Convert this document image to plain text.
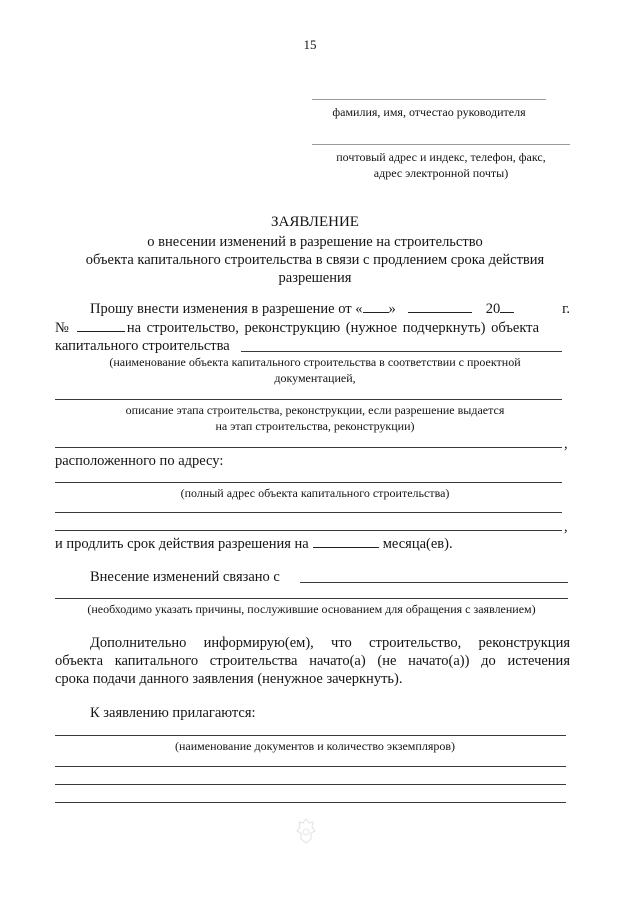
15
фамилия, имя, отчестао руководителя
почтовый адрес и индекс, телефон, факс,
адрес электронной почты)
ЗАЯВЛЕНИЕ
о внесении изменений в разрешение на строительство
объекта капитального строительства в связи с продлением срока действия
разрешения
Прошу внести изменения в разрешение от « »	20	г.
№	на строительство, реконструкцию (нужное подчеркнуть) объекта
капитального строительства
(наименование объекта капитального строительства в соответствии с проектной
документацией,
описание этапа строительства, реконструкции, если разрешение выдается
на этап строительства, реконструкции)
,
расположенного по адресу:
(полный адрес объекта капитального строительства)
,
и продлить срок действия разрешения на	месяца(ев).
Внесение изменений связано с
(необходимо указать причины, послужившие основанием для обращения с заявлением)
Дополнительно информирую(ем), что строительство, реконструкция
объекта капитального строительства начато(а) (не начато(а)) до истечения
срока подачи данного заявления (ненужное зачеркнуть).
К заявлению прилагаются:
(наименование документов и количество экземпляров)
